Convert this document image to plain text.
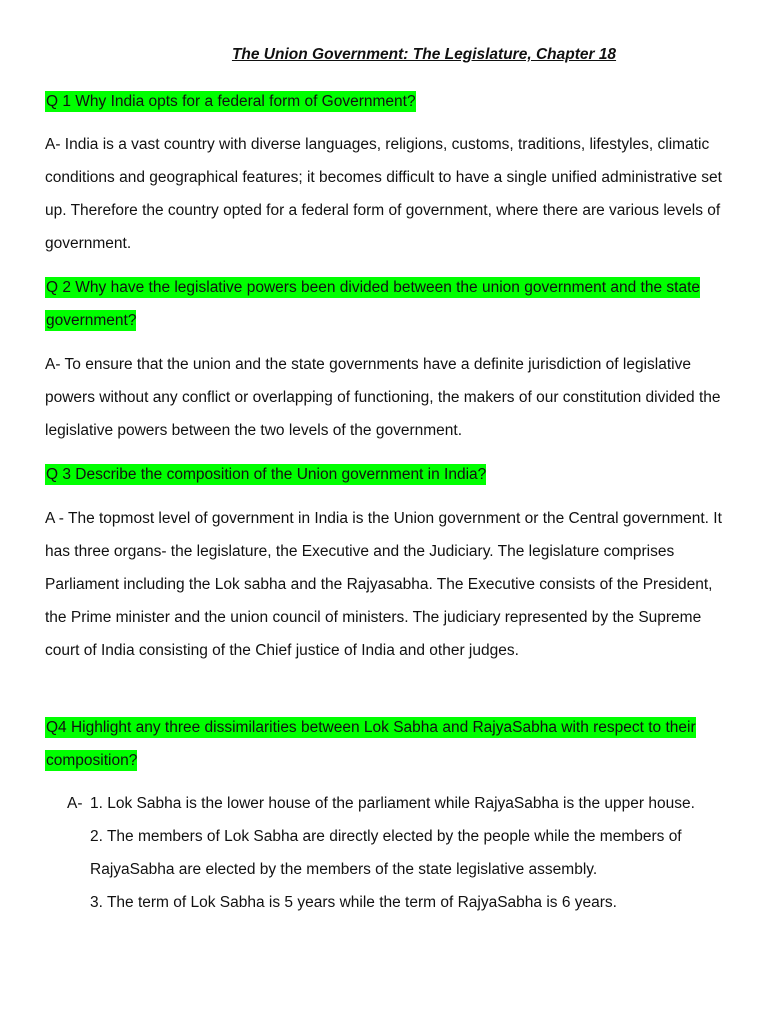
The Union Government: The Legislature, Chapter 18
Q 1 Why India opts for a federal form of Government?
A- India is a vast country with diverse languages, religions, customs, traditions, lifestyles, climatic conditions and geographical features; it becomes difficult to have a single unified administrative set up. Therefore the country opted for a federal form of government, where there are various levels of government.
Q 2 Why have the legislative powers been divided between the union government and the state government?
A- To ensure that the union and the state governments have a definite jurisdiction of legislative powers without any conflict or overlapping of functioning, the makers of our constitution divided the legislative powers between the two levels of the government.
Q 3 Describe the composition of the Union government in India?
A - The topmost level of government in India is the Union government or the Central government. It has three organs- the legislature, the Executive and the Judiciary. The legislature comprises Parliament including the Lok sabha and the Rajyasabha. The Executive consists of the President, the Prime minister and the union council of ministers. The judiciary represented by the Supreme court of India consisting of the Chief justice of India and other judges.
Q4 Highlight any three dissimilarities between Lok Sabha and RajyaSabha with respect to their composition?
A- 1. Lok Sabha is the lower house of the parliament while RajyaSabha is the upper house.
2. The members of Lok Sabha are directly elected by the people while the members of
RajyaSabha are elected by the members of the state legislative assembly.
3. The term of Lok Sabha is 5 years while the term of RajyaSabha is 6 years.
